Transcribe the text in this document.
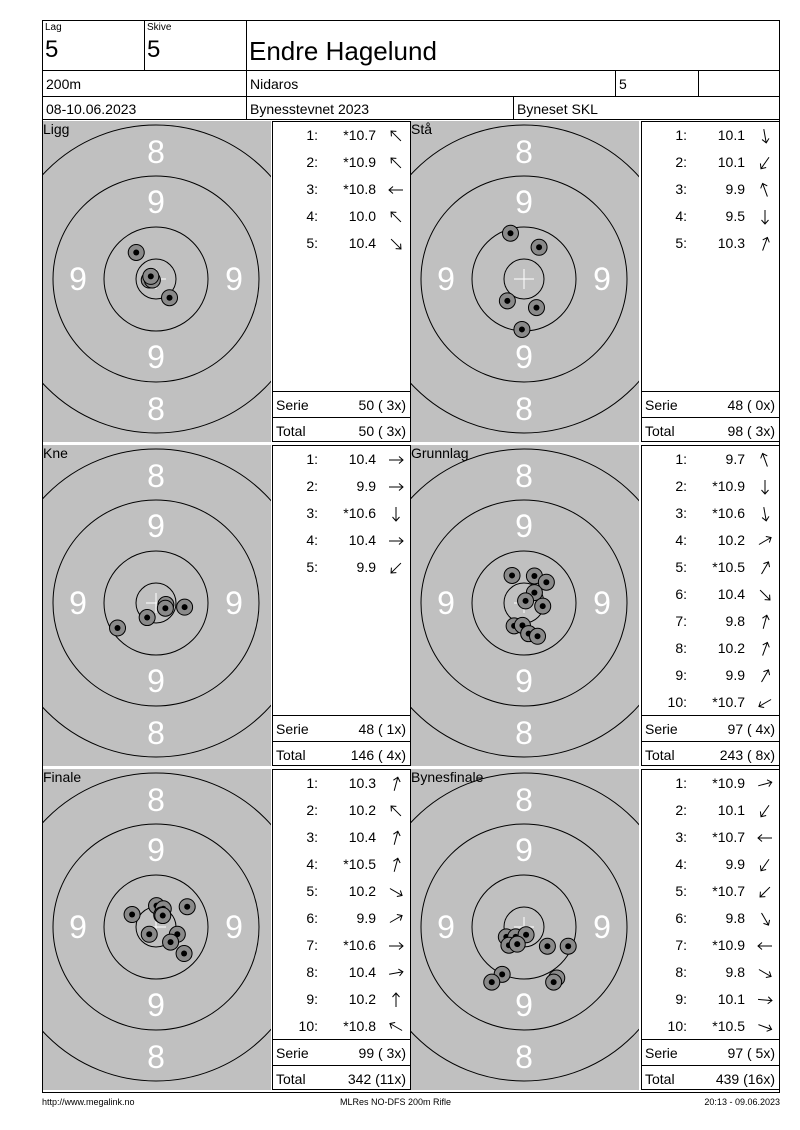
Lag
5
Skive
5	Endre Hagelund
200m	Nidaros	5
08-10.06.2023	Bynesstevnet 2023	Byneset SKL
8
8
9
9
9	9
Ligg	1: *10.7
2: *10.9
3: *10.8
4: 10.0
5: 10.4
Serie	50 ( 3x)
Total	50 ( 3x)
8
8
9
9
9	9
Stå	1: 10.1
2: 10.1
3:	9.9
4:	9.5
5: 10.3
Serie	48 ( 0x)
Total	98 ( 3x)
8
8
9
9
9	9
Kne	1: 10.4
2:	9.9
3: *10.6
4: 10.4
5:	9.9
Serie	48 ( 1x)
Total	146 ( 4x)
8
8
9
9
9	9
Grunnlag	1:	9.7
2: *10.9
3: *10.6
4: 10.2
5: *10.5
6: 10.4
7:	9.8
8: 10.2
9:	9.9
10: *10.7
Serie	97 ( 4x)
Total	243 ( 8x)
8
8
9
9
9	9
Finale	1: 10.3
2: 10.2
3: 10.4
4: *10.5
5: 10.2
6:	9.9
7: *10.6
8: 10.4
9: 10.2
10: *10.8
Serie	99 ( 3x)
Total	342 (11x)
8
8
9
9
9	9
Bynesfinale	1: *10.9
2: 10.1
3: *10.7
4:	9.9
5: *10.7
6:	9.8
7: *10.9
8:	9.8
9: 10.1
10: *10.5
Serie	97 ( 5x)
Total	439 (16x)
http://www.megalink.no	MLRes NO-DFS 200m Rifle	20:13 - 09.06.2023
